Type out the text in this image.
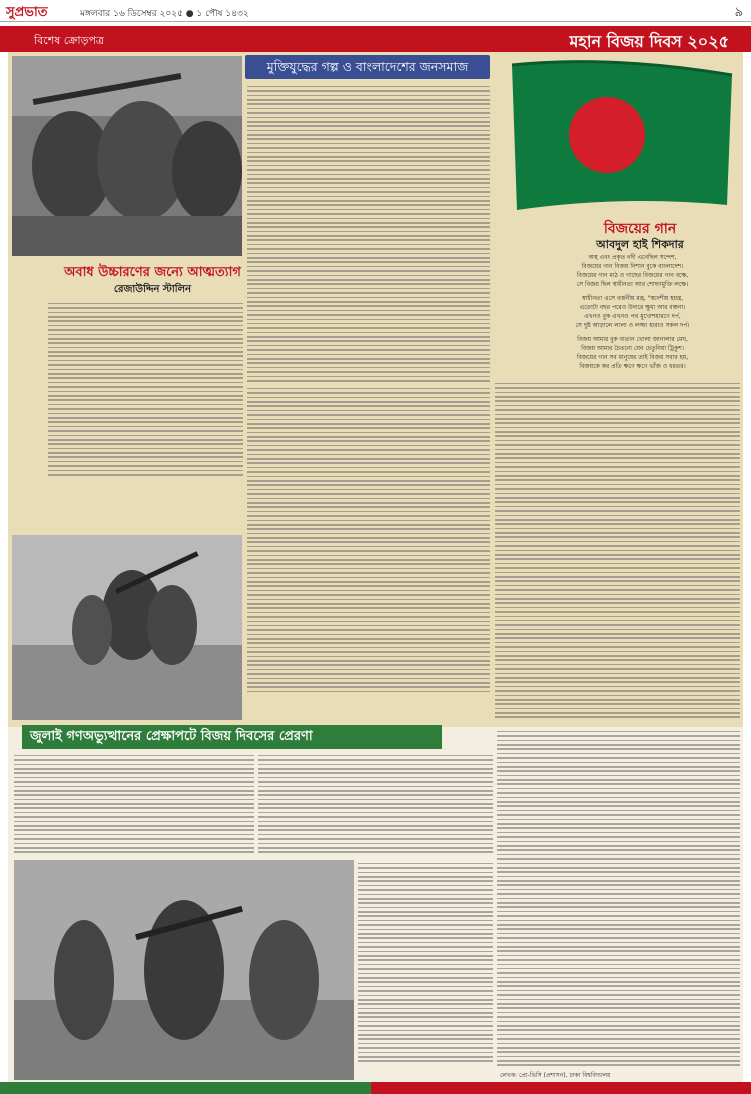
সুপ্রভাত	মঙ্গলবার ১৬ ডিসেম্বর ২০২৫ ● ১ পৌষ ১৪৩২	৯
বিশেষ ক্রোড়পত্র	মহান বিজয় দিবস ২০২৫
মুক্তিযুদ্ধের গল্প ও বাংলাদেশের জনসমাজ
অবাধ উচ্চারণের জন্যে আত্মত্যাগ
রেজাউদ্দিন স্টালিন
বিজয়ের গান
আবদুল হাই শিকদার
অস্থ এবং প্রকৃত নদী এনেছিল সন্দেশ,
বিজয়ের গান বিজয় নিশান বুকে বাংলাদেশ।
বিজয়ের গান মাঠ ও গাছের বিজয়ের গান বক্ষে,
সে বিজয় ছিল স্বাধীনতা আর শোষণমুক্তি লক্ষে।
স্বাধীনতা এসে বর্জনীয় মন্ত্র, "স্বদেশীয় হয়ন্ত্র,
এতোটা বছর পরেও উদারে ক্ষুধা আর বঞ্চনা।
এখনও বুক এখনও পথ মুখোশধারণে দর্প,
সে দুষ্ট আড়ালে লালা ও লজ্জ্য হারাও সকল দর্প।
বিজয় আমার বুক বাতান খোলা জানালার মেঘ,
বিজয় আমার চৈতন্যে যেন চেতুনিয়া ট্রিকুশ।
বিজয়ের গান সব মানুষের তাই বিজয় সবার হয়,
বিজয়কে কর প্রতি ক্ষণে ক্ষণে ভাঁজ ও ধরতর।
জুলাই গণঅভ্যুত্থানের প্রেক্ষাপটে বিজয় দিবসের প্রেরণা
লেখক: প্রো-ভিসি (প্রশাসন), ঢাকা বিশ্ববিদ্যালয়
